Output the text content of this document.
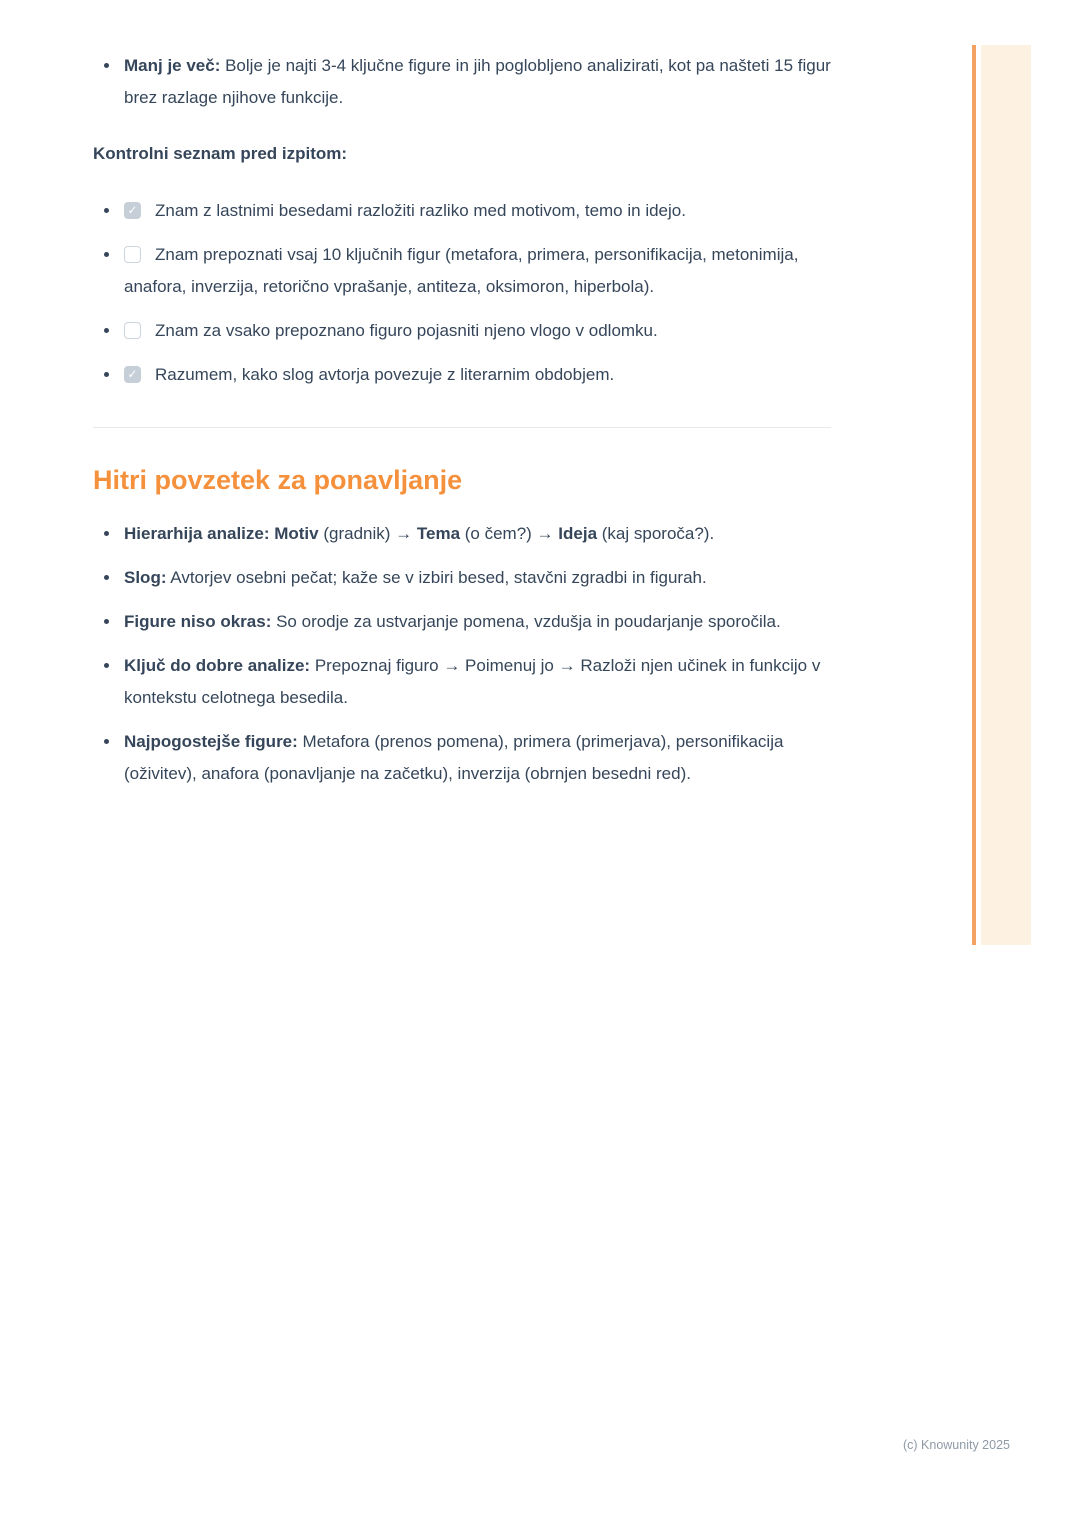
Manj je več: Bolje je najti 3-4 ključne figure in jih poglobljeno analizirati, kot pa našteti 15 figur brez razlage njihove funkcije.

Kontrolni seznam pred izpitom:

✓Znam z lastnimi besedami razložiti razliko med motivom, temo in idejo.
Znam prepoznati vsaj 10 ključnih figur (metafora, primera, personifikacija, metonimija, anafora, inverzija, retorično vprašanje, antiteza, oksimoron, hiperbola).
Znam za vsako prepoznano figuro pojasniti njeno vlogo v odlomku.
✓Razumem, kako slog avtorja povezuje z literarnim obdobjem.
Hitri povzetek za ponavljanje
Hierarhija analize: Motiv (gradnik) → Tema (o čem?) → Ideja (kaj sporoča?).
Slog: Avtorjev osebni pečat; kaže se v izbiri besed, stavčni zgradbi in figurah.
Figure niso okras: So orodje za ustvarjanje pomena, vzdušja in poudarjanje sporočila.
Ključ do dobre analize: Prepoznaj figuro → Poimenuj jo → Razloži njen učinek in funkcijo v kontekstu celotnega besedila.
Najpogostejše figure: Metafora (prenos pomena), primera (primerjava), personifikacija (oživitev), anafora (ponavljanje na začetku), inverzija (obrnjen besedni red).
(c) Knowunity 2025
